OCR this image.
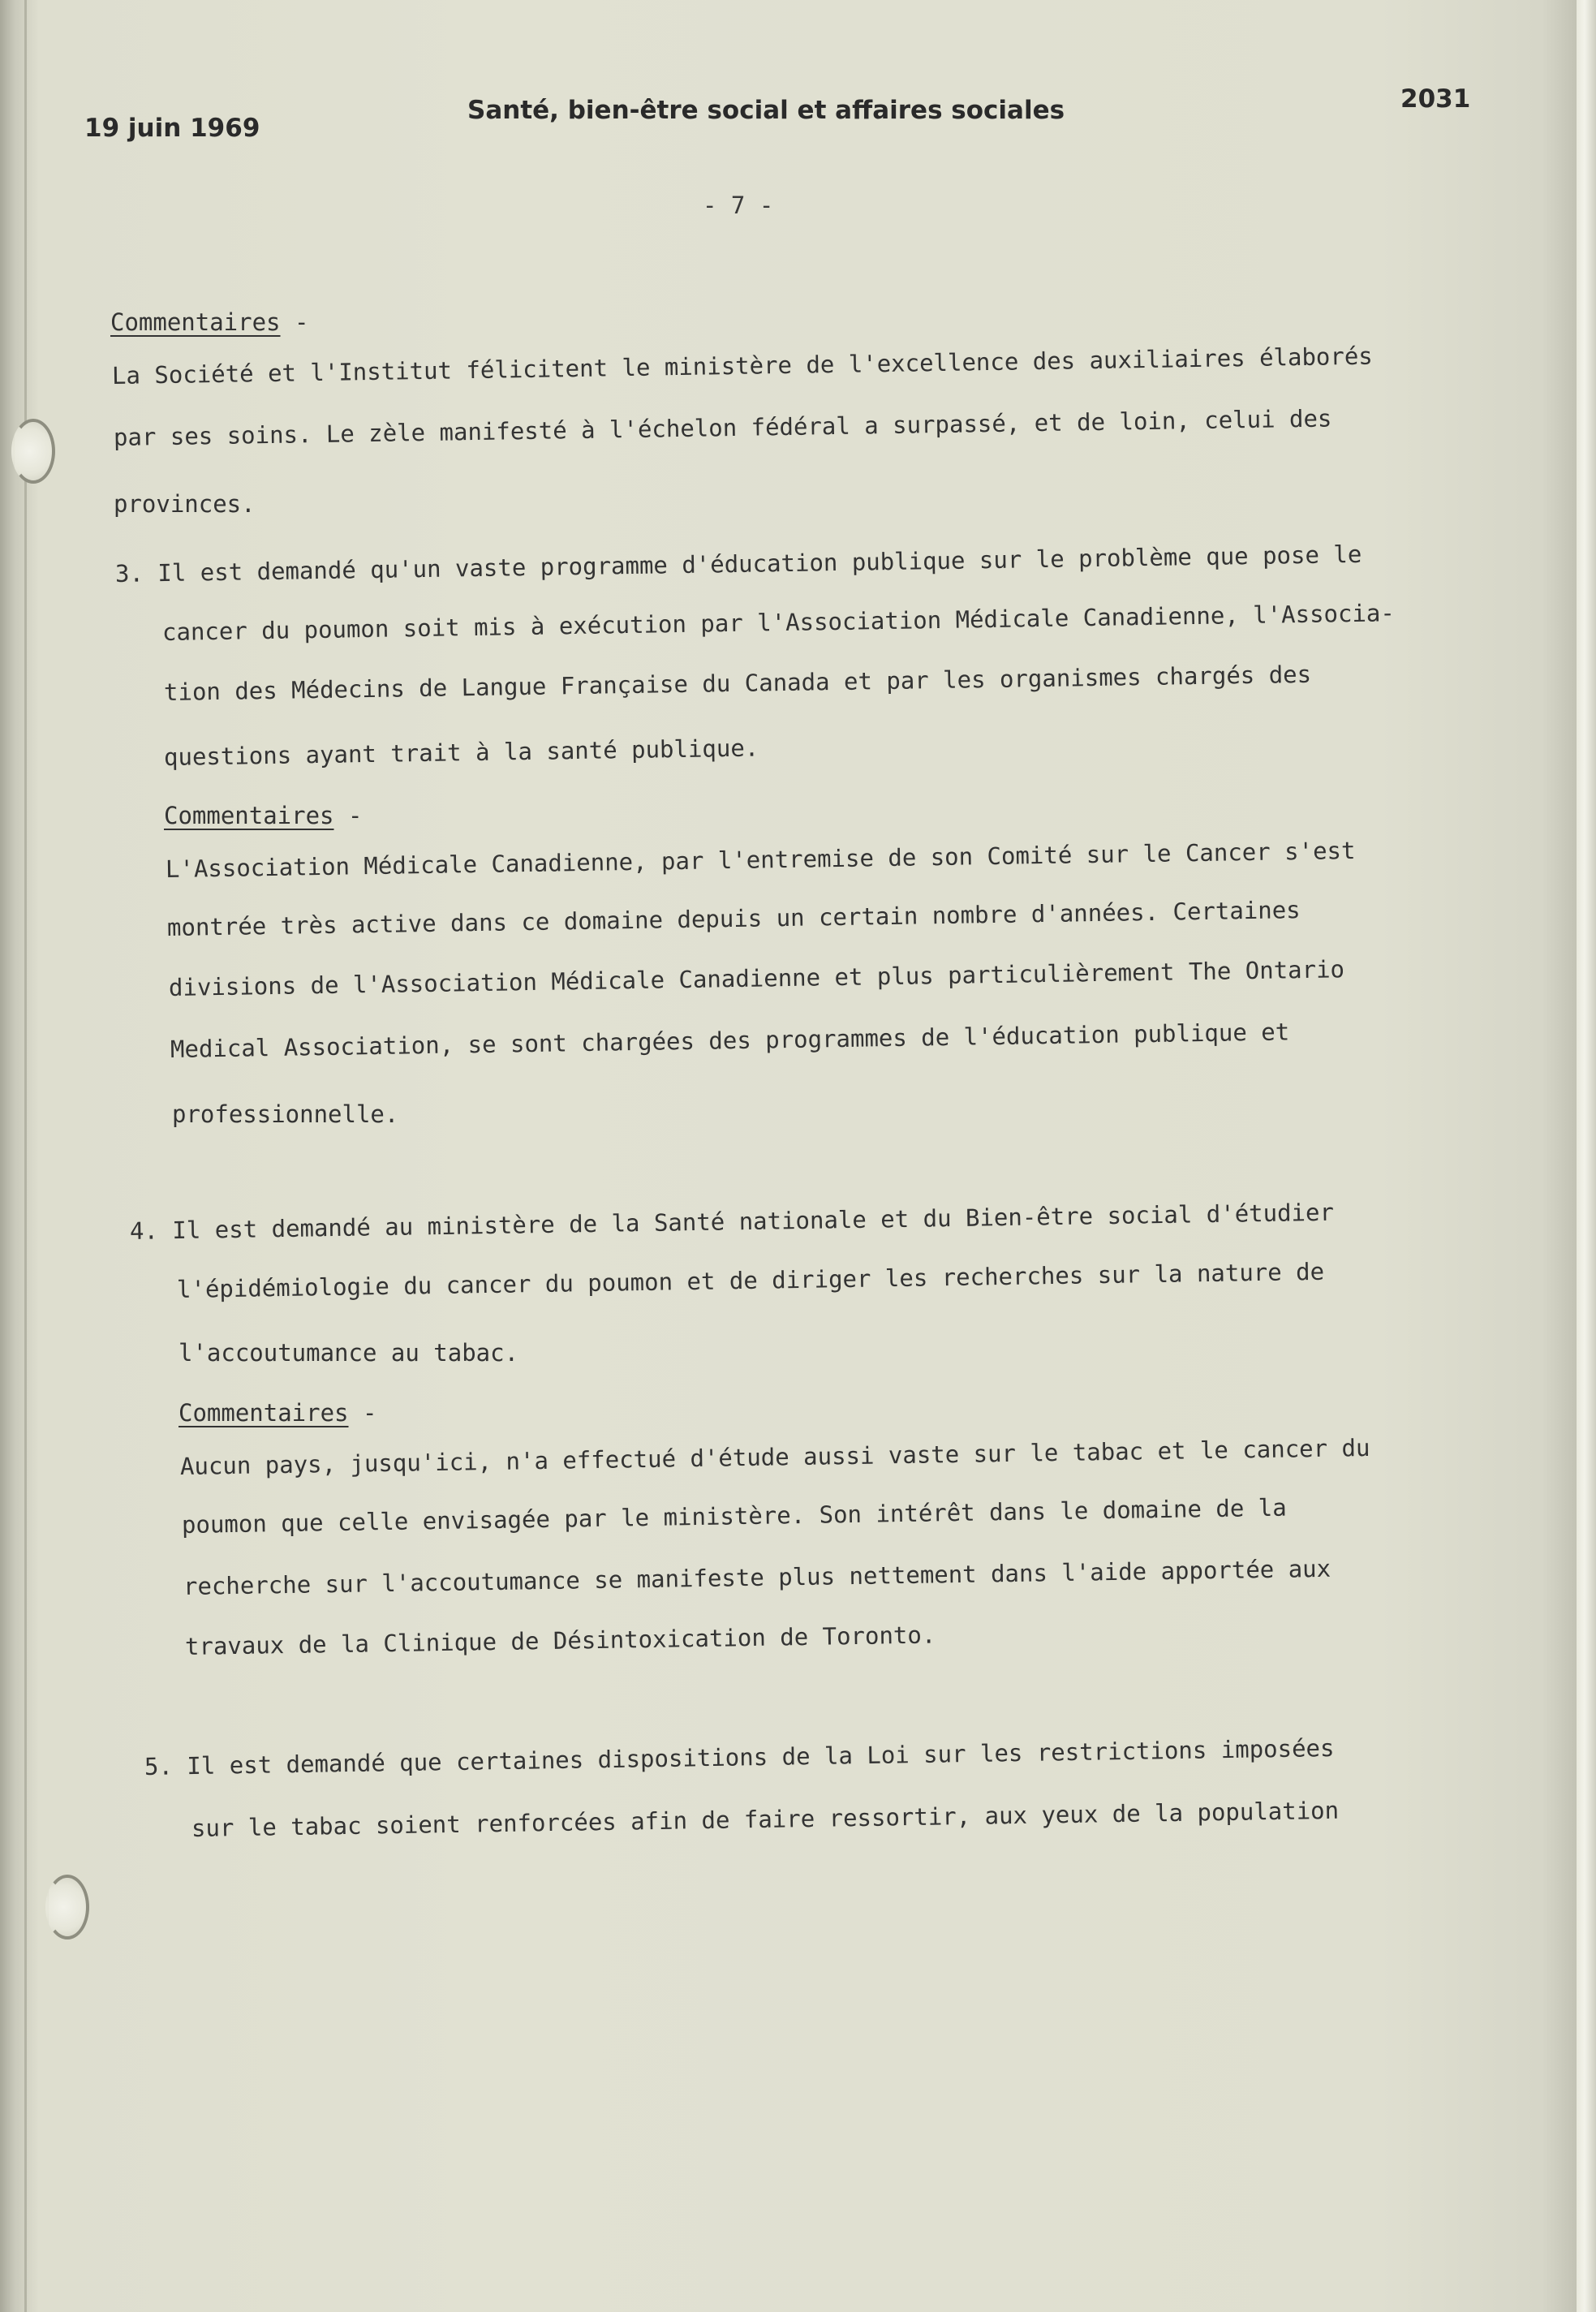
19 juin 1969
Santé, bien-être social et affaires sociales	2031
- 7 -
Commentaires -
La Société et l'Institut félicitent le ministère de l'excellence des auxiliaires élaborés
par ses soins. Le zèle manifesté à l'échelon fédéral a surpassé, et de loin, celui des
provinces.
3. Il est demandé qu'un vaste programme d'éducation publique sur le problème que pose le
cancer du poumon soit mis à exécution par l'Association Médicale Canadienne, l'Associa-
tion des Médecins de Langue Française du Canada et par les organismes chargés des
questions ayant trait à la santé publique.
Commentaires -
L'Association Médicale Canadienne, par l'entremise de son Comité sur le Cancer s'est
montrée très active dans ce domaine depuis un certain nombre d'années. Certaines
divisions de l'Association Médicale Canadienne et plus particulièrement The Ontario
Medical Association, se sont chargées des programmes de l'éducation publique et
professionnelle.
4. Il est demandé au ministère de la Santé nationale et du Bien-être social d'étudier
l'épidémiologie du cancer du poumon et de diriger les recherches sur la nature de
l'accoutumance au tabac.
Commentaires -
Aucun pays, jusqu'ici, n'a effectué d'étude aussi vaste sur le tabac et le cancer du
poumon que celle envisagée par le ministère. Son intérêt dans le domaine de la
recherche sur l'accoutumance se manifeste plus nettement dans l'aide apportée aux
travaux de la Clinique de Désintoxication de Toronto.
5. Il est demandé que certaines dispositions de la Loi sur les restrictions imposées
sur le tabac soient renforcées afin de faire ressortir, aux yeux de la population
